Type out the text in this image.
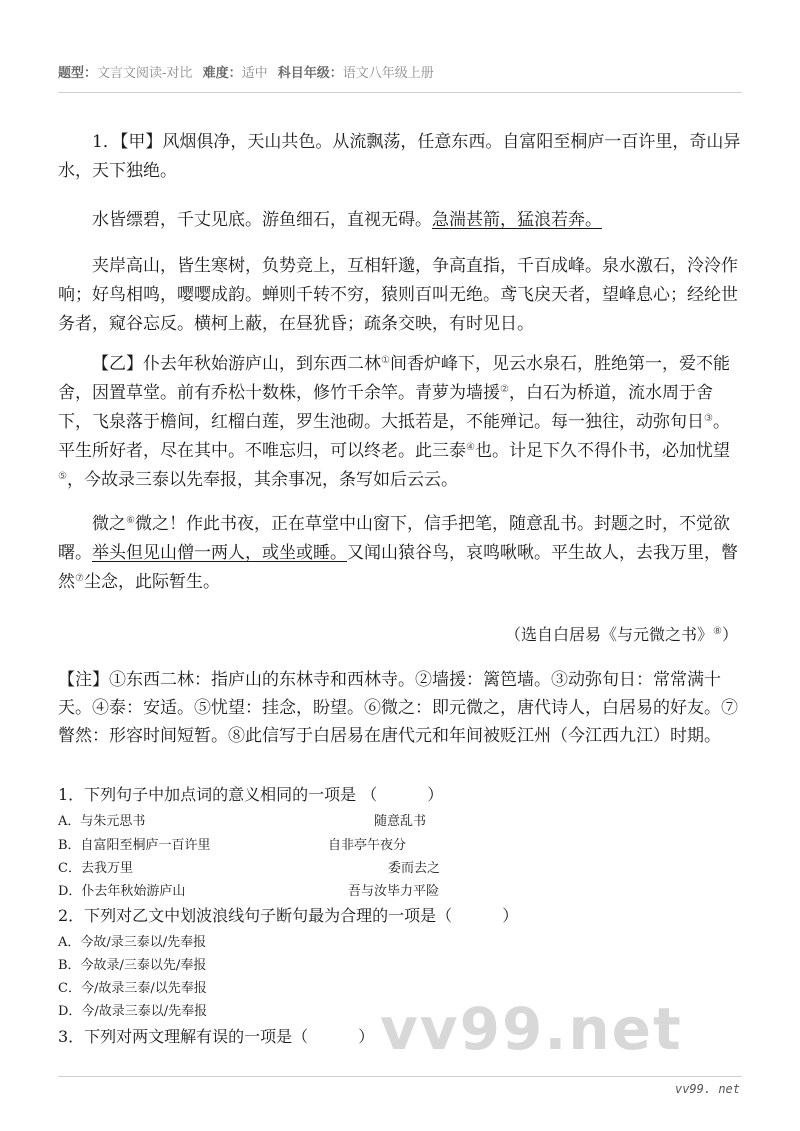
题型：文言文阅读-对比 难度：适中 科目年级：语文八年级上册

1．【甲】风烟俱净，天山共色。从流飘荡，任意东西。自富阳至桐庐一百许里，奇山异水，天下独绝。

水皆缥碧，千丈见底。游鱼细石，直视无碍。急湍甚箭，猛浪若奔。

夹岸高山，皆生寒树，负势竞上，互相轩邈，争高直指，千百成峰。泉水激石，泠泠作响；好鸟相鸣，嘤嘤成韵。蝉则千转不穷，猿则百叫无绝。鸢飞戾天者，望峰息心；经纶世务者，窥谷忘反。横柯上蔽，在昼犹昏；疏条交映，有时见日。

【乙】仆去年秋始游庐山，到东西二林①间香炉峰下，见云水泉石，胜绝第一，爱不能舍，因置草堂。前有乔松十数株，修竹千余竿。青萝为墙援②，白石为桥道，流水周于舍下，飞泉落于檐间，红榴白莲，罗生池砌。大抵若是，不能殚记。每一独往，动弥旬日③。平生所好者，尽在其中。不唯忘归，可以终老。此三泰④也。计足下久不得仆书，必加忧望⑤，今故录三泰以先奉报，其余事况，条写如后云云。

微之⑥微之！作此书夜，正在草堂中山窗下，信手把笔，随意乱书。封题之时，不觉欲曙。举头但见山僧一两人，或坐或睡。又闻山猿谷鸟，哀鸣啾啾。平生故人，去我万里，瞥然⑦尘念，此际暂生。

（选自白居易《与元微之书》⑧）

【注】①东西二林：指庐山的东林寺和西林寺。②墙援：篱笆墙。③动弥旬日：常常满十天。④泰：安适。⑤忧望：挂念，盼望。⑥微之：即元微之，唐代诗人，白居易的好友。⑦瞥然：形容时间短暂。⑧此信写于白居易在唐代元和年间被贬江州（今江西九江）时期。

1．下列句子中加点词的意义相同的一项是 （	）
A．与朱元思书	随意乱书
B．自富阳至桐庐一百许里	自非亭午夜分
C．去我万里	委而去之
D．仆去年秋始游庐山	吾与汝毕力平险
2．下列对乙文中划波浪线句子断句最为合理的一项是（	）
A．今故/录三泰以/先奉报
B．今故录/三泰以先/奉报
C．今/故录三泰/以先奉报
D．今/故录三泰以/先奉报
3．下列对两文理解有误的一项是（	） vv99.net
vv99. net
